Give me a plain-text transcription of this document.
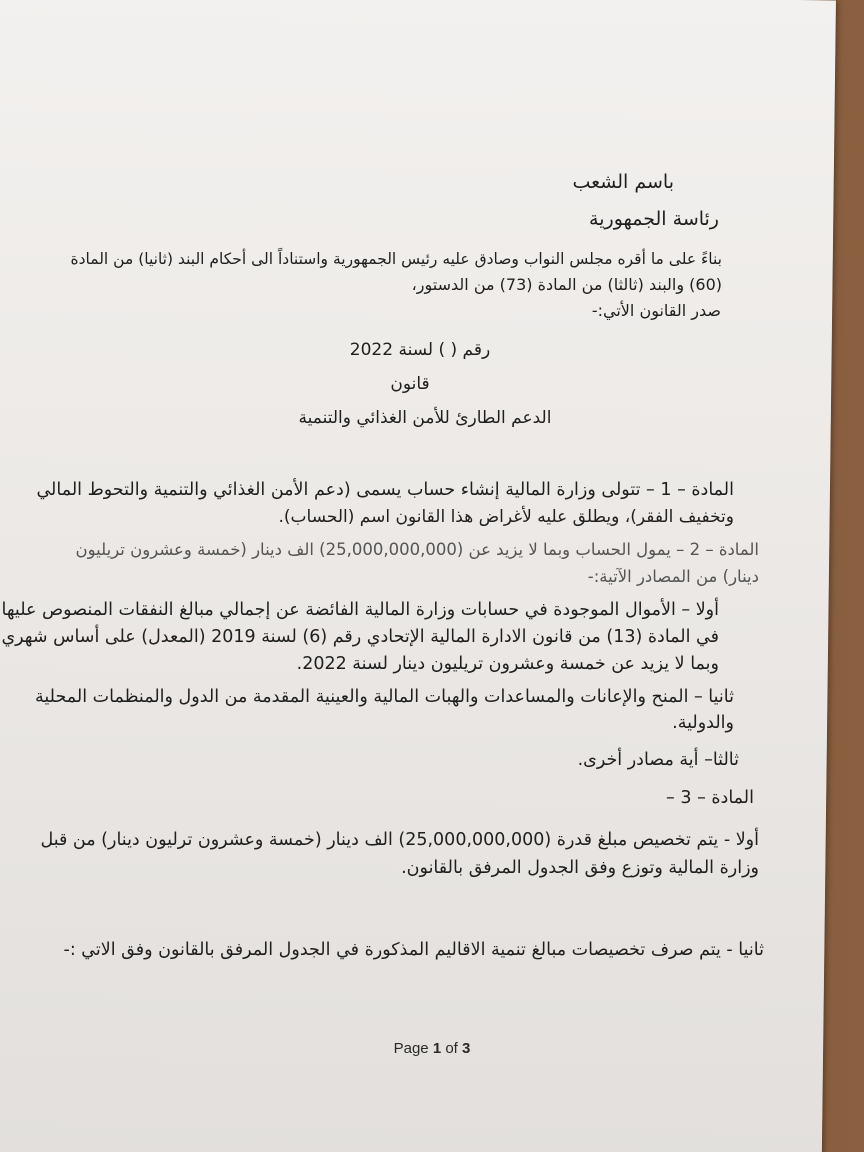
باسم الشعب
رئاسة الجمهورية
بناءً على ما أقره مجلس النواب وصادق عليه رئيس الجمهورية واستناداً الى أحكام البند (ثانيا) من المادة
(60) والبند (ثالثا) من المادة (73) من الدستور،
صدر القانون الأتي:-
رقم ( ) لسنة 2022
قانون
الدعم الطارئ للأمن الغذائي والتنمية
المادة – 1 – تتولى وزارة المالية إنشاء حساب يسمى (دعم الأمن الغذائي والتنمية والتحوط المالي
وتخفيف الفقر)، ويطلق عليه لأغراض هذا القانون اسم (الحساب).
المادة – 2 – يمول الحساب وبما لا يزيد عن (25,000,000,000) الف دينار (خمسة وعشرون تريليون
دينار) من المصادر الآتية:-
أولا – الأموال الموجودة في حسابات وزارة المالية الفائضة عن إجمالي مبالغ النفقات المنصوص عليها
في المادة (13) من قانون الادارة المالية الإتحادي رقم (6) لسنة 2019 (المعدل) على أساس شهري
وبما لا يزيد عن خمسة وعشرون تريليون دينار لسنة 2022.
ثانيا – المنح والإعانات والمساعدات والهبات المالية والعينية المقدمة من الدول والمنظمات المحلية
والدولية.
ثالثا– أية مصادر أخرى.
المادة – 3 –
أولا - يتم تخصيص مبلغ قدرة (25,000,000,000) الف دينار (خمسة وعشرون ترليون دينار) من قبل
وزارة المالية وتوزع وفق الجدول المرفق بالقانون.
ثانيا - يتم صرف تخصيصات مبالغ تنمية الاقاليم المذكورة في الجدول المرفق بالقانون وفق الاتي :-
Page 1 of 3
